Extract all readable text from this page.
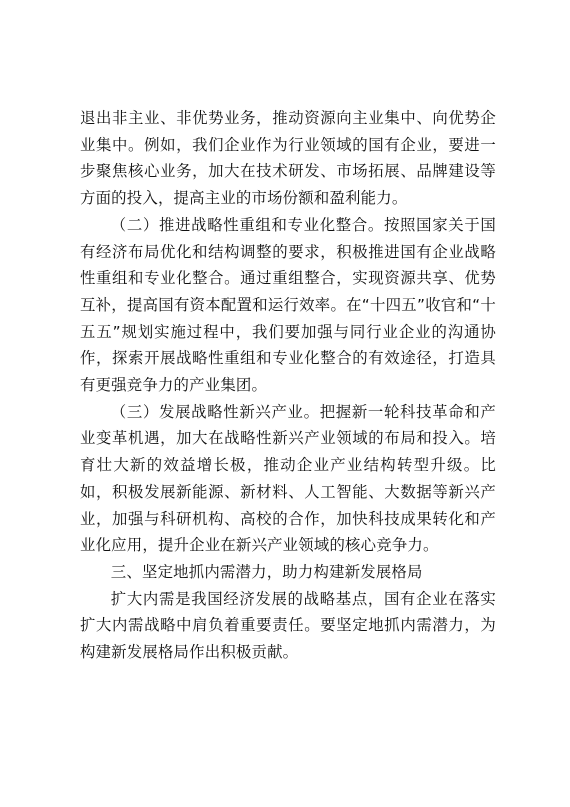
退出非主业、非优势业务，推动资源向主业集中、向优势企业集中。例如，我们企业作为行业领域的国有企业，要进一步聚焦核心业务，加大在技术研发、市场拓展、品牌建设等方面的投入，提高主业的市场份额和盈利能力。

（二）推进战略性重组和专业化整合。按照国家关于国有经济布局优化和结构调整的要求，积极推进国有企业战略性重组和专业化整合。通过重组整合，实现资源共享、优势互补，提高国有资本配置和运行效率。在“十四五”收官和“十五五”规划实施过程中，我们要加强与同行业企业的沟通协作，探索开展战略性重组和专业化整合的有效途径，打造具有更强竞争力的产业集团。

（三）发展战略性新兴产业。把握新一轮科技革命和产业变革机遇，加大在战略性新兴产业领域的布局和投入。培育壮大新的效益增长极，推动企业产业结构转型升级。比如，积极发展新能源、新材料、人工智能、大数据等新兴产业，加强与科研机构、高校的合作，加快科技成果转化和产业化应用，提升企业在新兴产业领域的核心竞争力。

三、坚定地抓内需潜力，助力构建新发展格局

扩大内需是我国经济发展的战略基点，国有企业在落实扩大内需战略中肩负着重要责任。要坚定地抓内需潜力，为构建新发展格局作出积极贡献。
